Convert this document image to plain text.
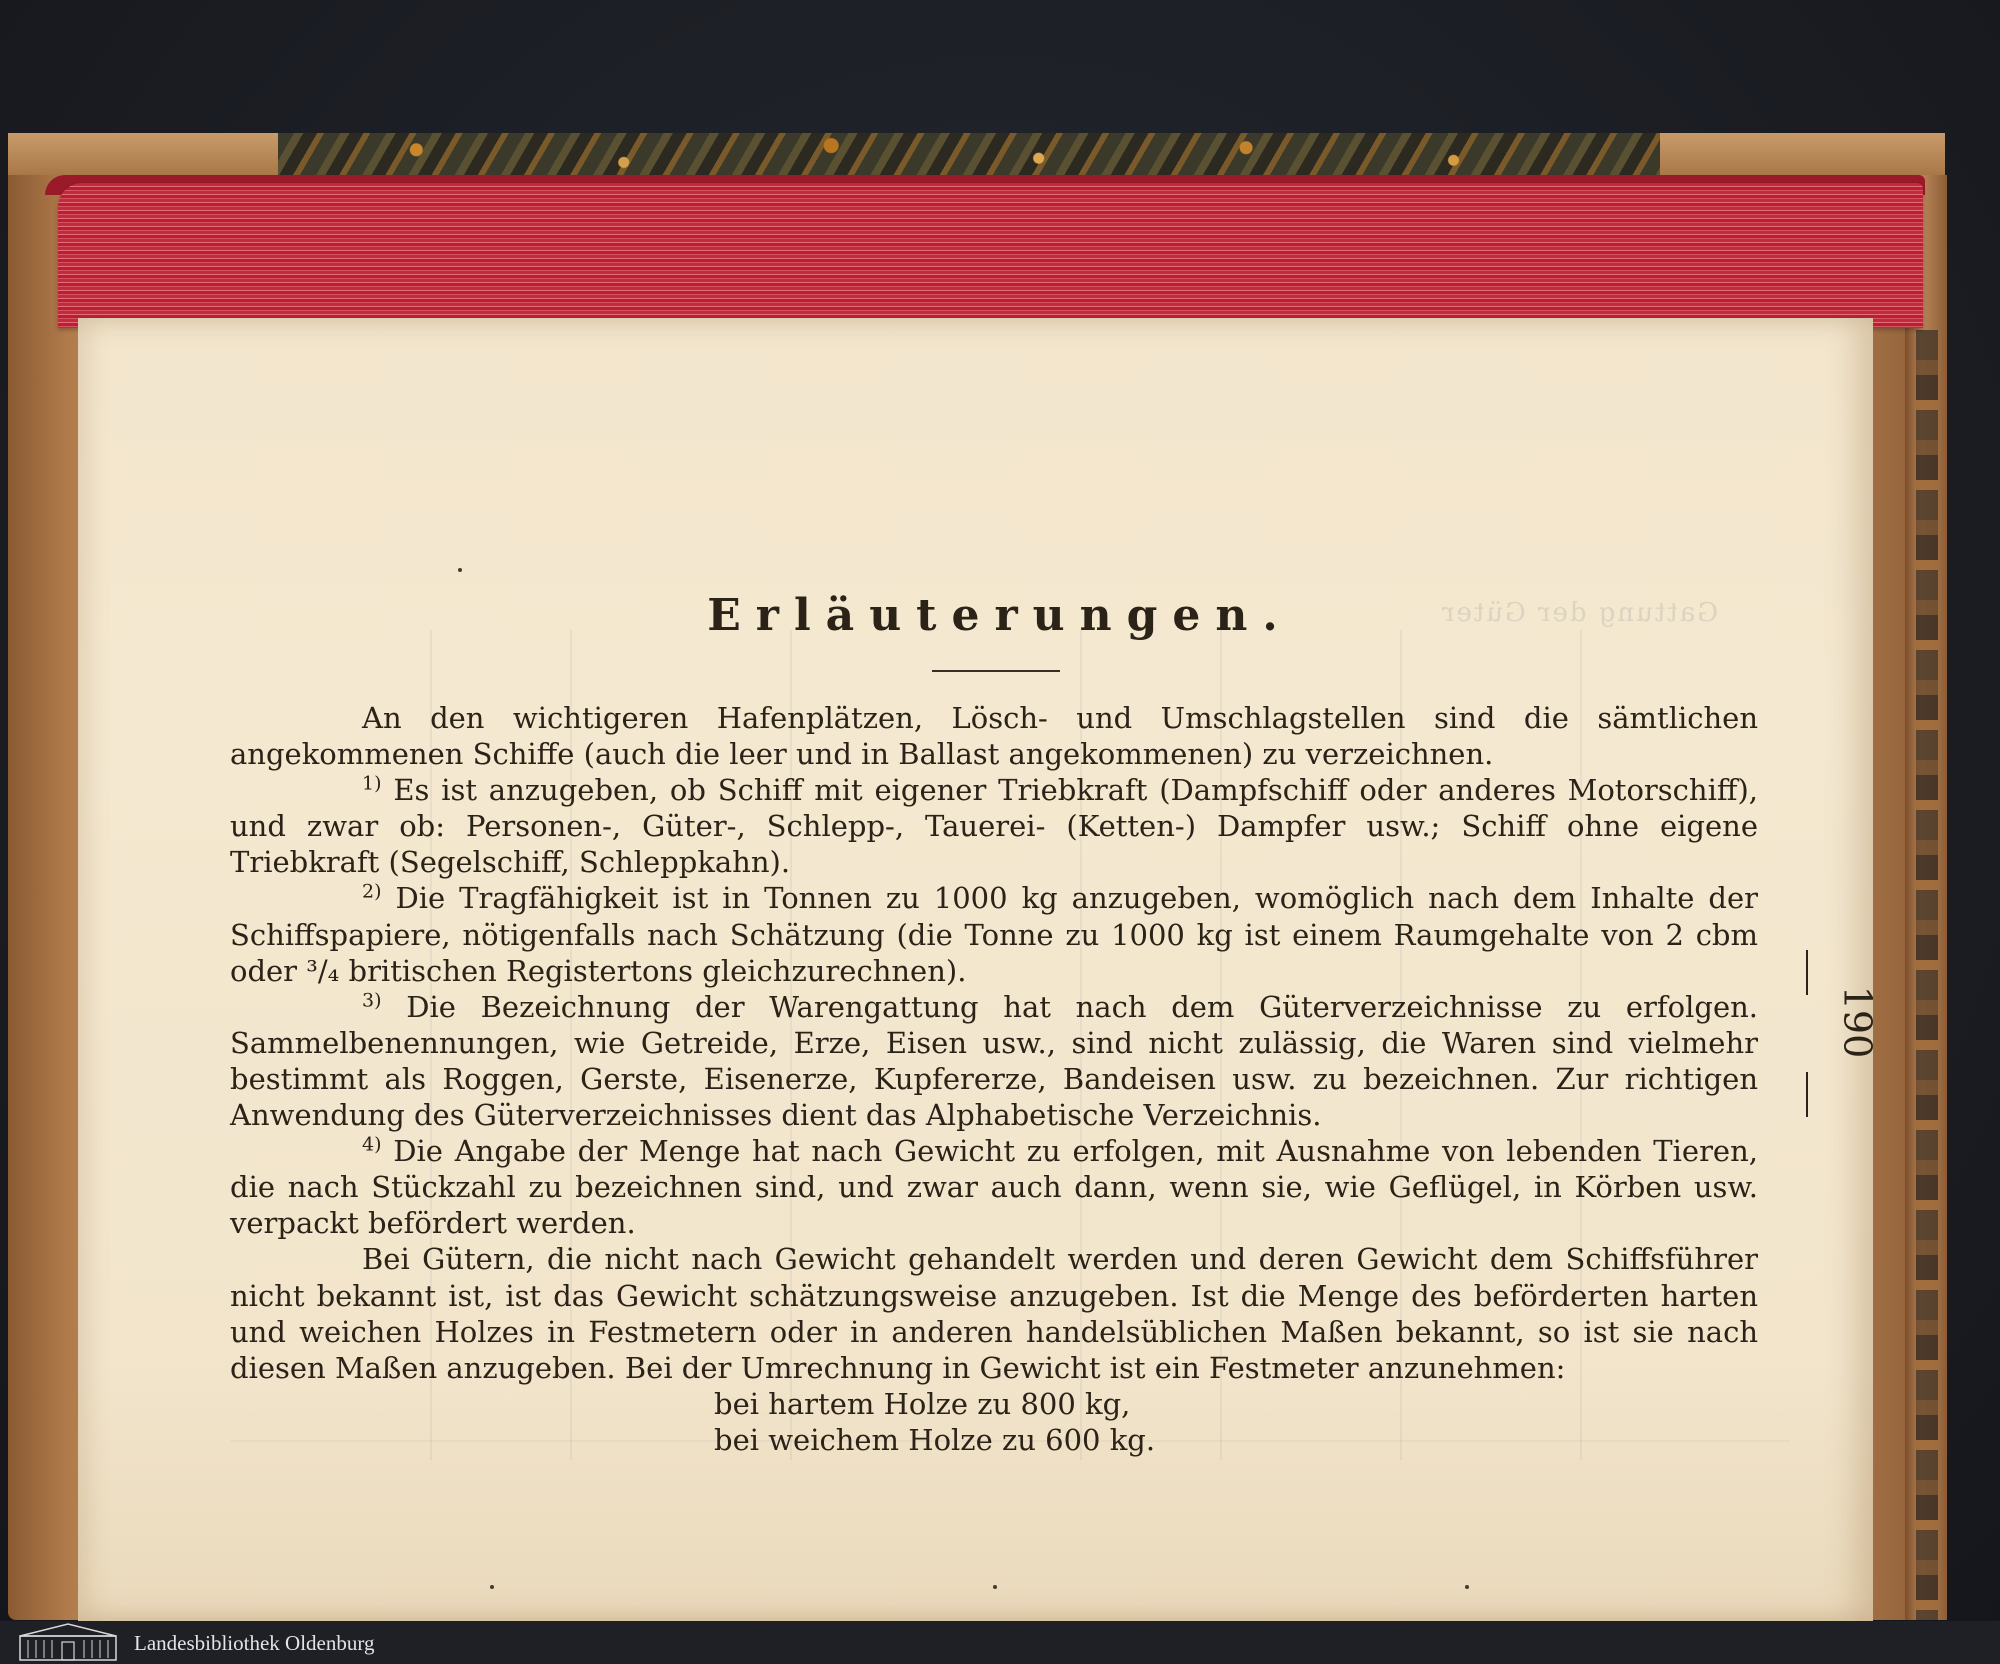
Gattung der Güter
Erläuterungen.

An den wichtigeren Hafenplätzen, Lösch- und Umschlagstellen sind die sämtlichen angekommenen Schiffe (auch die leer und in Ballast angekommenen) zu verzeichnen.

$^{1)}$ Es ist anzugeben, ob Schiff mit eigener Triebkraft (Dampfschiff oder anderes Motorschiff), und zwar ob: Personen-, Güter-, Schlepp-, Tauerei- (Ketten-) Dampfer usw.; Schiff ohne eigene Triebkraft (Segelschiff, Schleppkahn).

$^{2)}$ Die Tragfähigkeit ist in Tonnen zu 1000 kg anzugeben, womöglich nach dem Inhalte der Schiffspapiere, nötigenfalls nach Schätzung (die Tonne zu 1000 kg ist einem Raumgehalte von 2 cbm oder ³/₄ britischen Registertons gleichzurechnen).

$^{3)}$ Die Bezeichnung der Warengattung hat nach dem Güterverzeichnisse zu erfolgen. Sammelbenennungen, wie Getreide, Erze, Eisen usw., sind nicht zulässig, die Waren sind vielmehr bestimmt als Roggen, Gerste, Eisenerze, Kupfererze, Bandeisen usw. zu bezeichnen. Zur richtigen Anwendung des Güterverzeichnisses dient das Alphabetische Verzeichnis.

$^{4)}$ Die Angabe der Menge hat nach Gewicht zu erfolgen, mit Ausnahme von lebenden Tieren, die nach Stückzahl zu bezeichnen sind, und zwar auch dann, wenn sie, wie Geflügel, in Körben usw. verpackt befördert werden.

Bei Gütern, die nicht nach Gewicht gehandelt werden und deren Gewicht dem Schiffsführer nicht bekannt ist, ist das Gewicht schätzungsweise anzugeben. Ist die Menge des beförderten harten und weichen Holzes in Festmetern oder in anderen handelsüblichen Maßen bekannt, so ist sie nach diesen Maßen anzugeben. Bei der Umrechnung in Gewicht ist ein Festmeter anzunehmen:

bei hartem Holze zu 800 kg,

bei weichem Holze zu 600 kg.

190
Landesbibliothek Oldenburg
